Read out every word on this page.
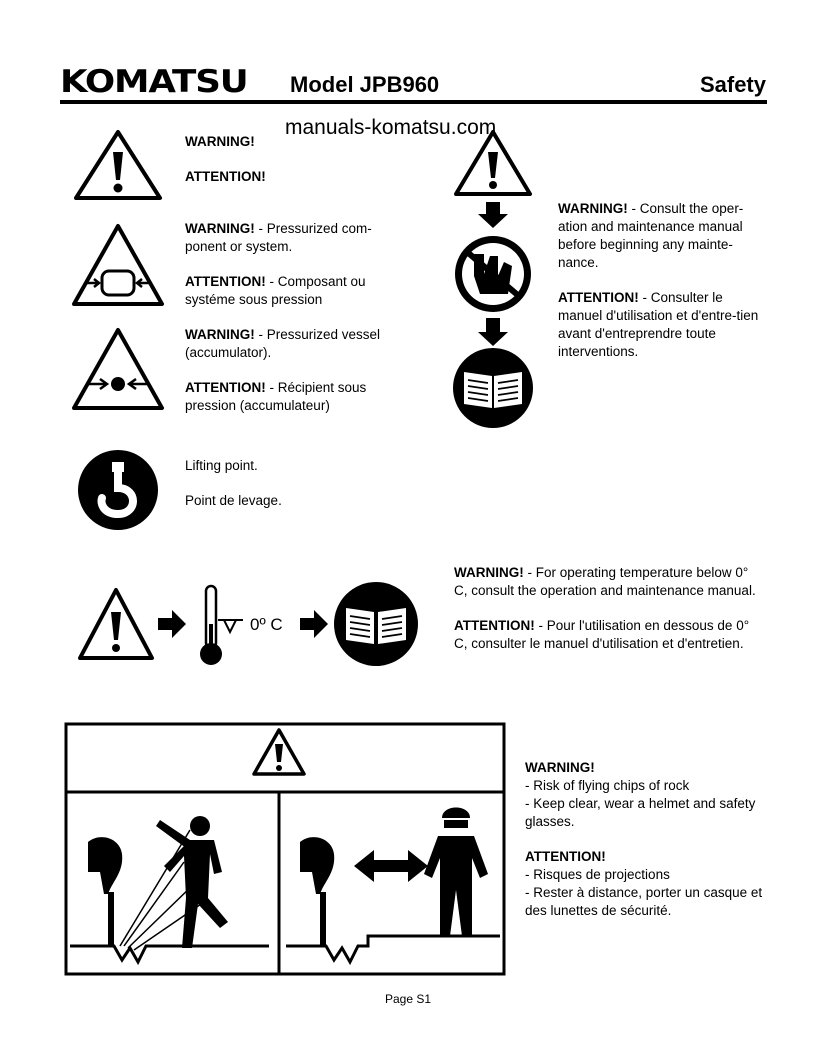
KOMATSU Model JPB960	Safety
manuals-komatsu.com
WARNING!
ATTENTION!
WARNING! - Pressurized com-ponent or system.
ATTENTION! - Composant ou systéme sous pression
WARNING! - Pressurized vessel (accumulator).
ATTENTION! - Récipient sous pression (accumulateur)
Lifting point.
Point de levage.
WARNING! - Consult the oper-ation and maintenance manual before beginning any mainte-nance.
ATTENTION! - Consulter le manuel d'utilisation et d'entre-tien avant d'entreprendre toute interventions.
0º C
WARNING! - For operating temperature below 0° C, consult the operation and maintenance manual.
ATTENTION! - Pour l'utilisation en dessous de 0° C, consulter le manuel d'utilisation et d'entretien.
WARNING!
- Risk of flying chips of rock
- Keep clear, wear a helmet and safety glasses.
ATTENTION!
- Risques de projections
- Rester à distance, porter un casque et des lunettes de sécurité.
Page S1
